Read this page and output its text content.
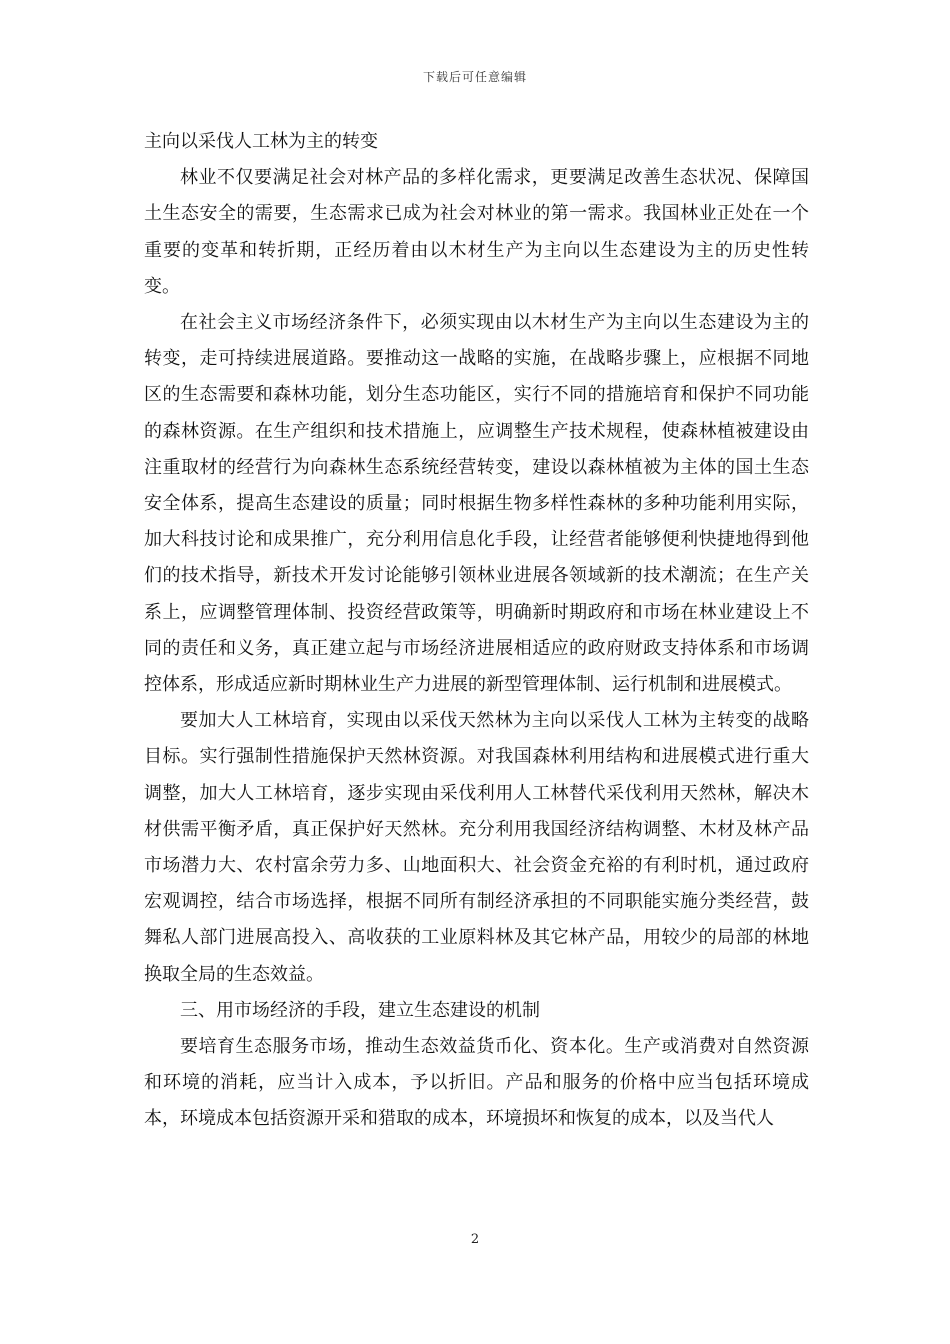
下载后可任意编辑

主向以采伐人工林为主的转变

林业不仅要满足社会对林产品的多样化需求，更要满足改善生态状况、保障国土生态安全的需要，生态需求已成为社会对林业的第一需求。我国林业正处在一个重要的变革和转折期，正经历着由以木材生产为主向以生态建设为主的历史性转变。

在社会主义市场经济条件下，必须实现由以木材生产为主向以生态建设为主的转变，走可持续进展道路。要推动这一战略的实施，在战略步骤上，应根据不同地区的生态需要和森林功能，划分生态功能区，实行不同的措施培育和保护不同功能的森林资源。在生产组织和技术措施上，应调整生产技术规程，使森林植被建设由注重取材的经营行为向森林生态系统经营转变，建设以森林植被为主体的国土生态安全体系，提高生态建设的质量；同时根据生物多样性森林的多种功能利用实际，加大科技讨论和成果推广，充分利用信息化手段，让经营者能够便利快捷地得到他们的技术指导，新技术开发讨论能够引领林业进展各领域新的技术潮流；在生产关系上，应调整管理体制、投资经营政策等，明确新时期政府和市场在林业建设上不同的责任和义务，真正建立起与市场经济进展相适应的政府财政支持体系和市场调控体系，形成适应新时期林业生产力进展的新型管理体制、运行机制和进展模式。

要加大人工林培育，实现由以采伐天然林为主向以采伐人工林为主转变的战略目标。实行强制性措施保护天然林资源。对我国森林利用结构和进展模式进行重大调整，加大人工林培育，逐步实现由采伐利用人工林替代采伐利用天然林，解决木材供需平衡矛盾，真正保护好天然林。充分利用我国经济结构调整、木材及林产品市场潜力大、农村富余劳力多、山地面积大、社会资金充裕的有利时机，通过政府宏观调控，结合市场选择，根据不同所有制经济承担的不同职能实施分类经营，鼓舞私人部门进展高投入、高收获的工业原料林及其它林产品，用较少的局部的林地换取全局的生态效益。

三、用市场经济的手段，建立生态建设的机制

要培育生态服务市场，推动生态效益货币化、资本化。生产或消费对自然资源和环境的消耗，应当计入成本，予以折旧。产品和服务的价格中应当包括环境成本，环境成本包括资源开采和猎取的成本，环境损坏和恢复的成本，以及当代人

2
